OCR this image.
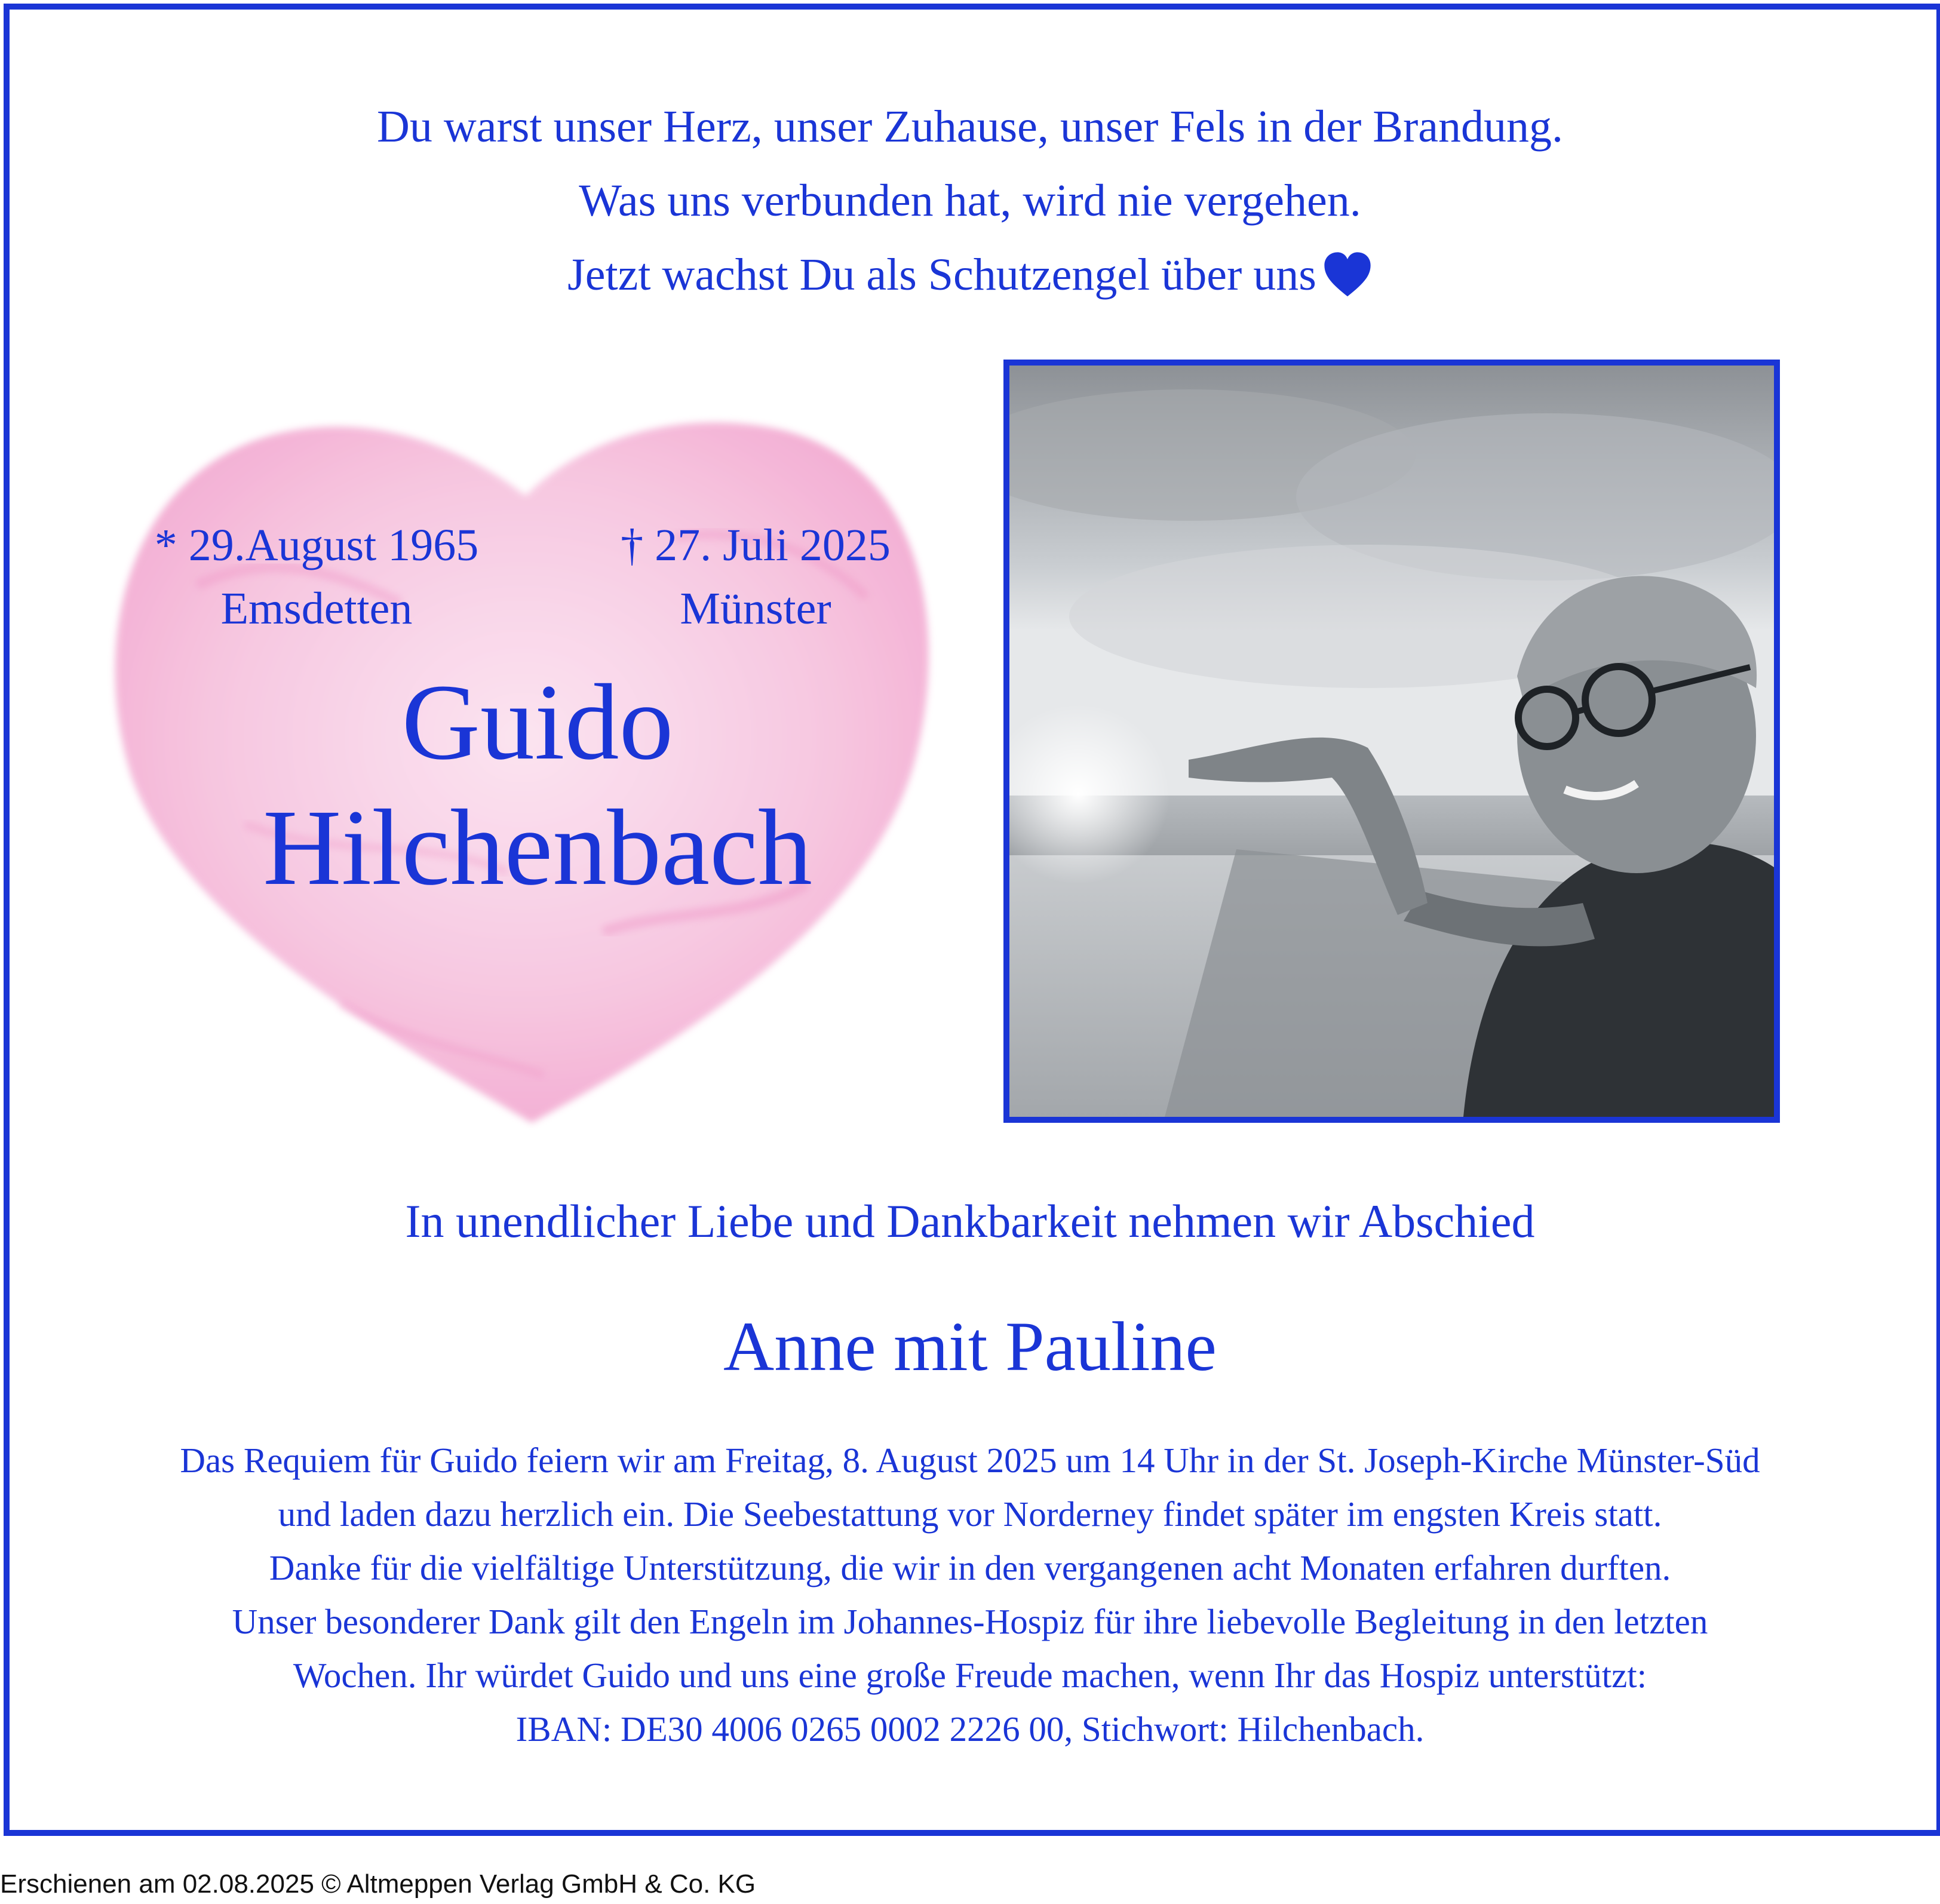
Du warst unser Herz, unser Zuhause, unser Fels in der Brandung.
Was uns verbunden hat, wird nie vergehen.
Jetzt wachst Du als Schutzengel über uns
* 29.August 1965
Emsdetten
† 27. Juli 2025
Münster
Guido
Hilchenbach
In unendlicher Liebe und Dankbarkeit nehmen wir Abschied
Anne mit Pauline
Das Requiem für Guido feiern wir am Freitag, 8. August 2025 um 14 Uhr in der St. Joseph-Kirche Münster-Süd
und laden dazu herzlich ein. Die Seebestattung vor Norderney findet später im engsten Kreis statt.
Danke für die vielfältige Unterstützung, die wir in den vergangenen acht Monaten erfahren durften.
Unser besonderer Dank gilt den Engeln im Johannes-Hospiz für ihre liebevolle Begleitung in den letzten
Wochen. Ihr würdet Guido und uns eine große Freude machen, wenn Ihr das Hospiz unterstützt:
IBAN: DE30 4006 0265 0002 2226 00, Stichwort: Hilchenbach.
Erschienen am 02.08.2025 © Altmeppen Verlag GmbH & Co. KG
